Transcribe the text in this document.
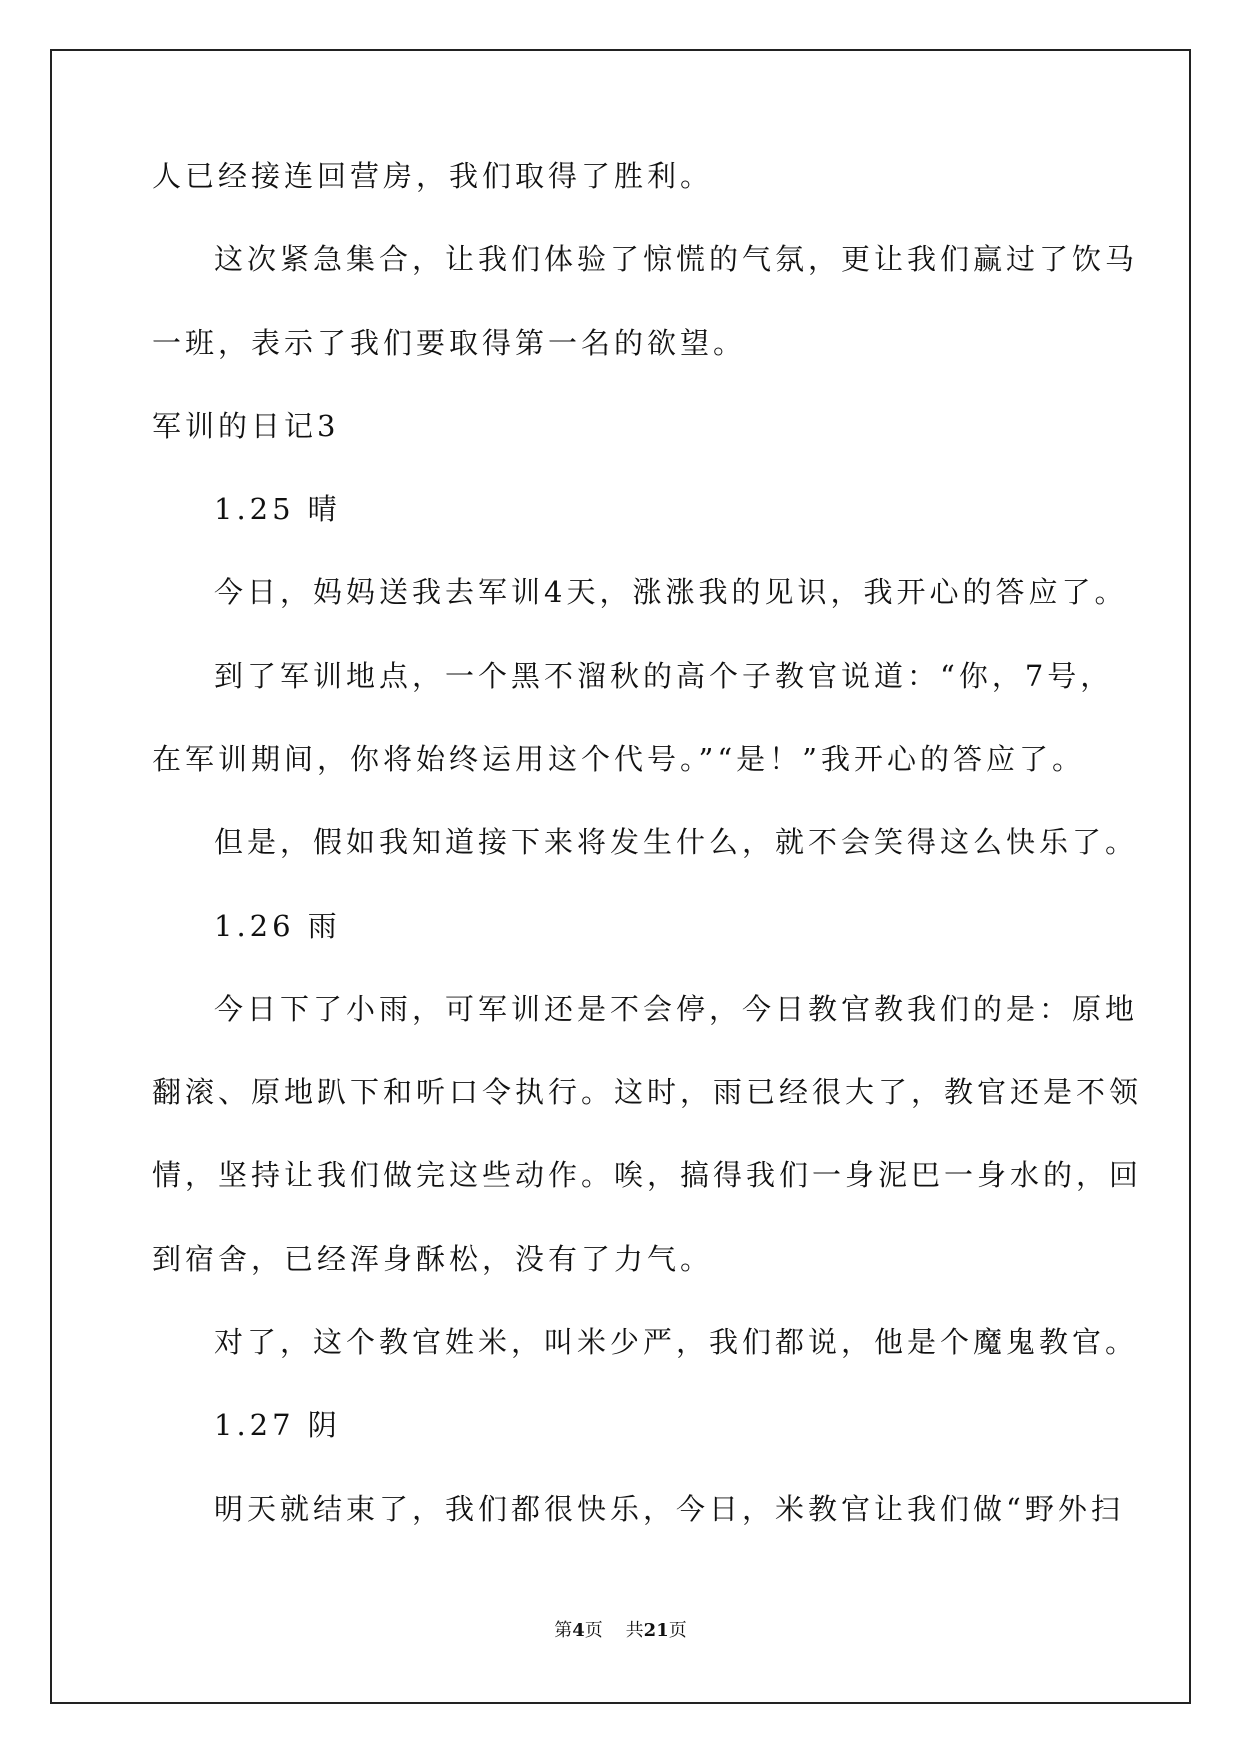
人已经接连回营房，我们取得了胜利。

这次紧急集合，让我们体验了惊慌的气氛，更让我们赢过了饮马

一班，表示了我们要取得第一名的欲望。

军训的日记3

1.25 晴

今日，妈妈送我去军训4天，涨涨我的见识，我开心的答应了。

到了军训地点，一个黑不溜秋的高个子教官说道：“你，7号，

在军训期间，你将始终运用这个代号。”“是！”我开心的答应了。

但是，假如我知道接下来将发生什么，就不会笑得这么快乐了。

1.26 雨

今日下了小雨，可军训还是不会停，今日教官教我们的是：原地

翻滚、原地趴下和听口令执行。这时，雨已经很大了，教官还是不领

情，坚持让我们做完这些动作。唉，搞得我们一身泥巴一身水的，回

到宿舍，已经浑身酥松，没有了力气。

对了，这个教官姓米，叫米少严，我们都说，他是个魔鬼教官。

1.27 阴

明天就结束了，我们都很快乐，今日，米教官让我们做“野外扫

第4页 共21页
